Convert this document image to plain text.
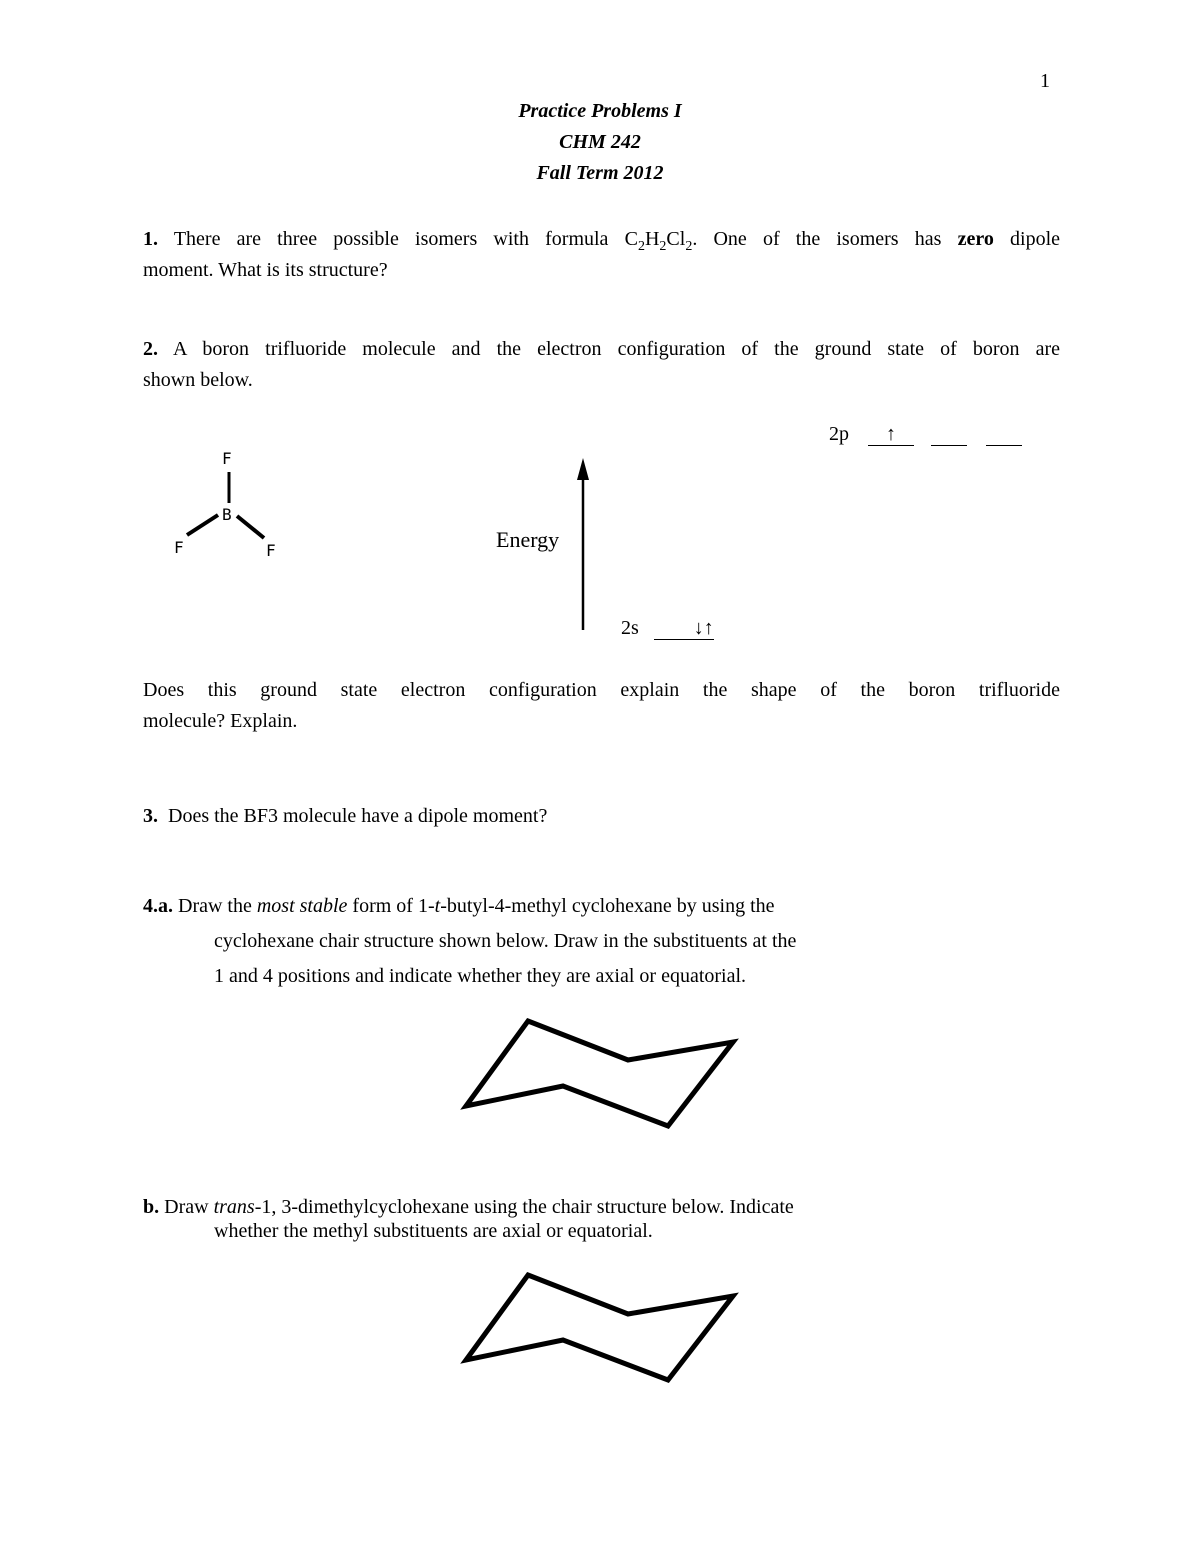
1
Practice Problems I
CHM 242
Fall Term 2012
1. There are three possible isomers with formula $C_2H_2Cl_2$. One of the isomers has zero dipole
moment. What is its structure?
2. A boron trifluoride molecule and the electron configuration of the ground state of boron are
shown below.
F
B
F	F	Energy
2p ↑
2s	↓↑
Does this ground state electron configuration explain the shape of the boron trifluoride
molecule? Explain.
3. Does the BF3 molecule have a dipole moment?
4.a. Draw the most stable form of 1-t-butyl-4-methyl cyclohexane by using the
cyclohexane chair structure shown below. Draw in the substituents at the
1 and 4 positions and indicate whether they are axial or equatorial.
b. Draw trans-1, 3-dimethylcyclohexane using the chair structure below. Indicate
whether the methyl substituents are axial or equatorial.
